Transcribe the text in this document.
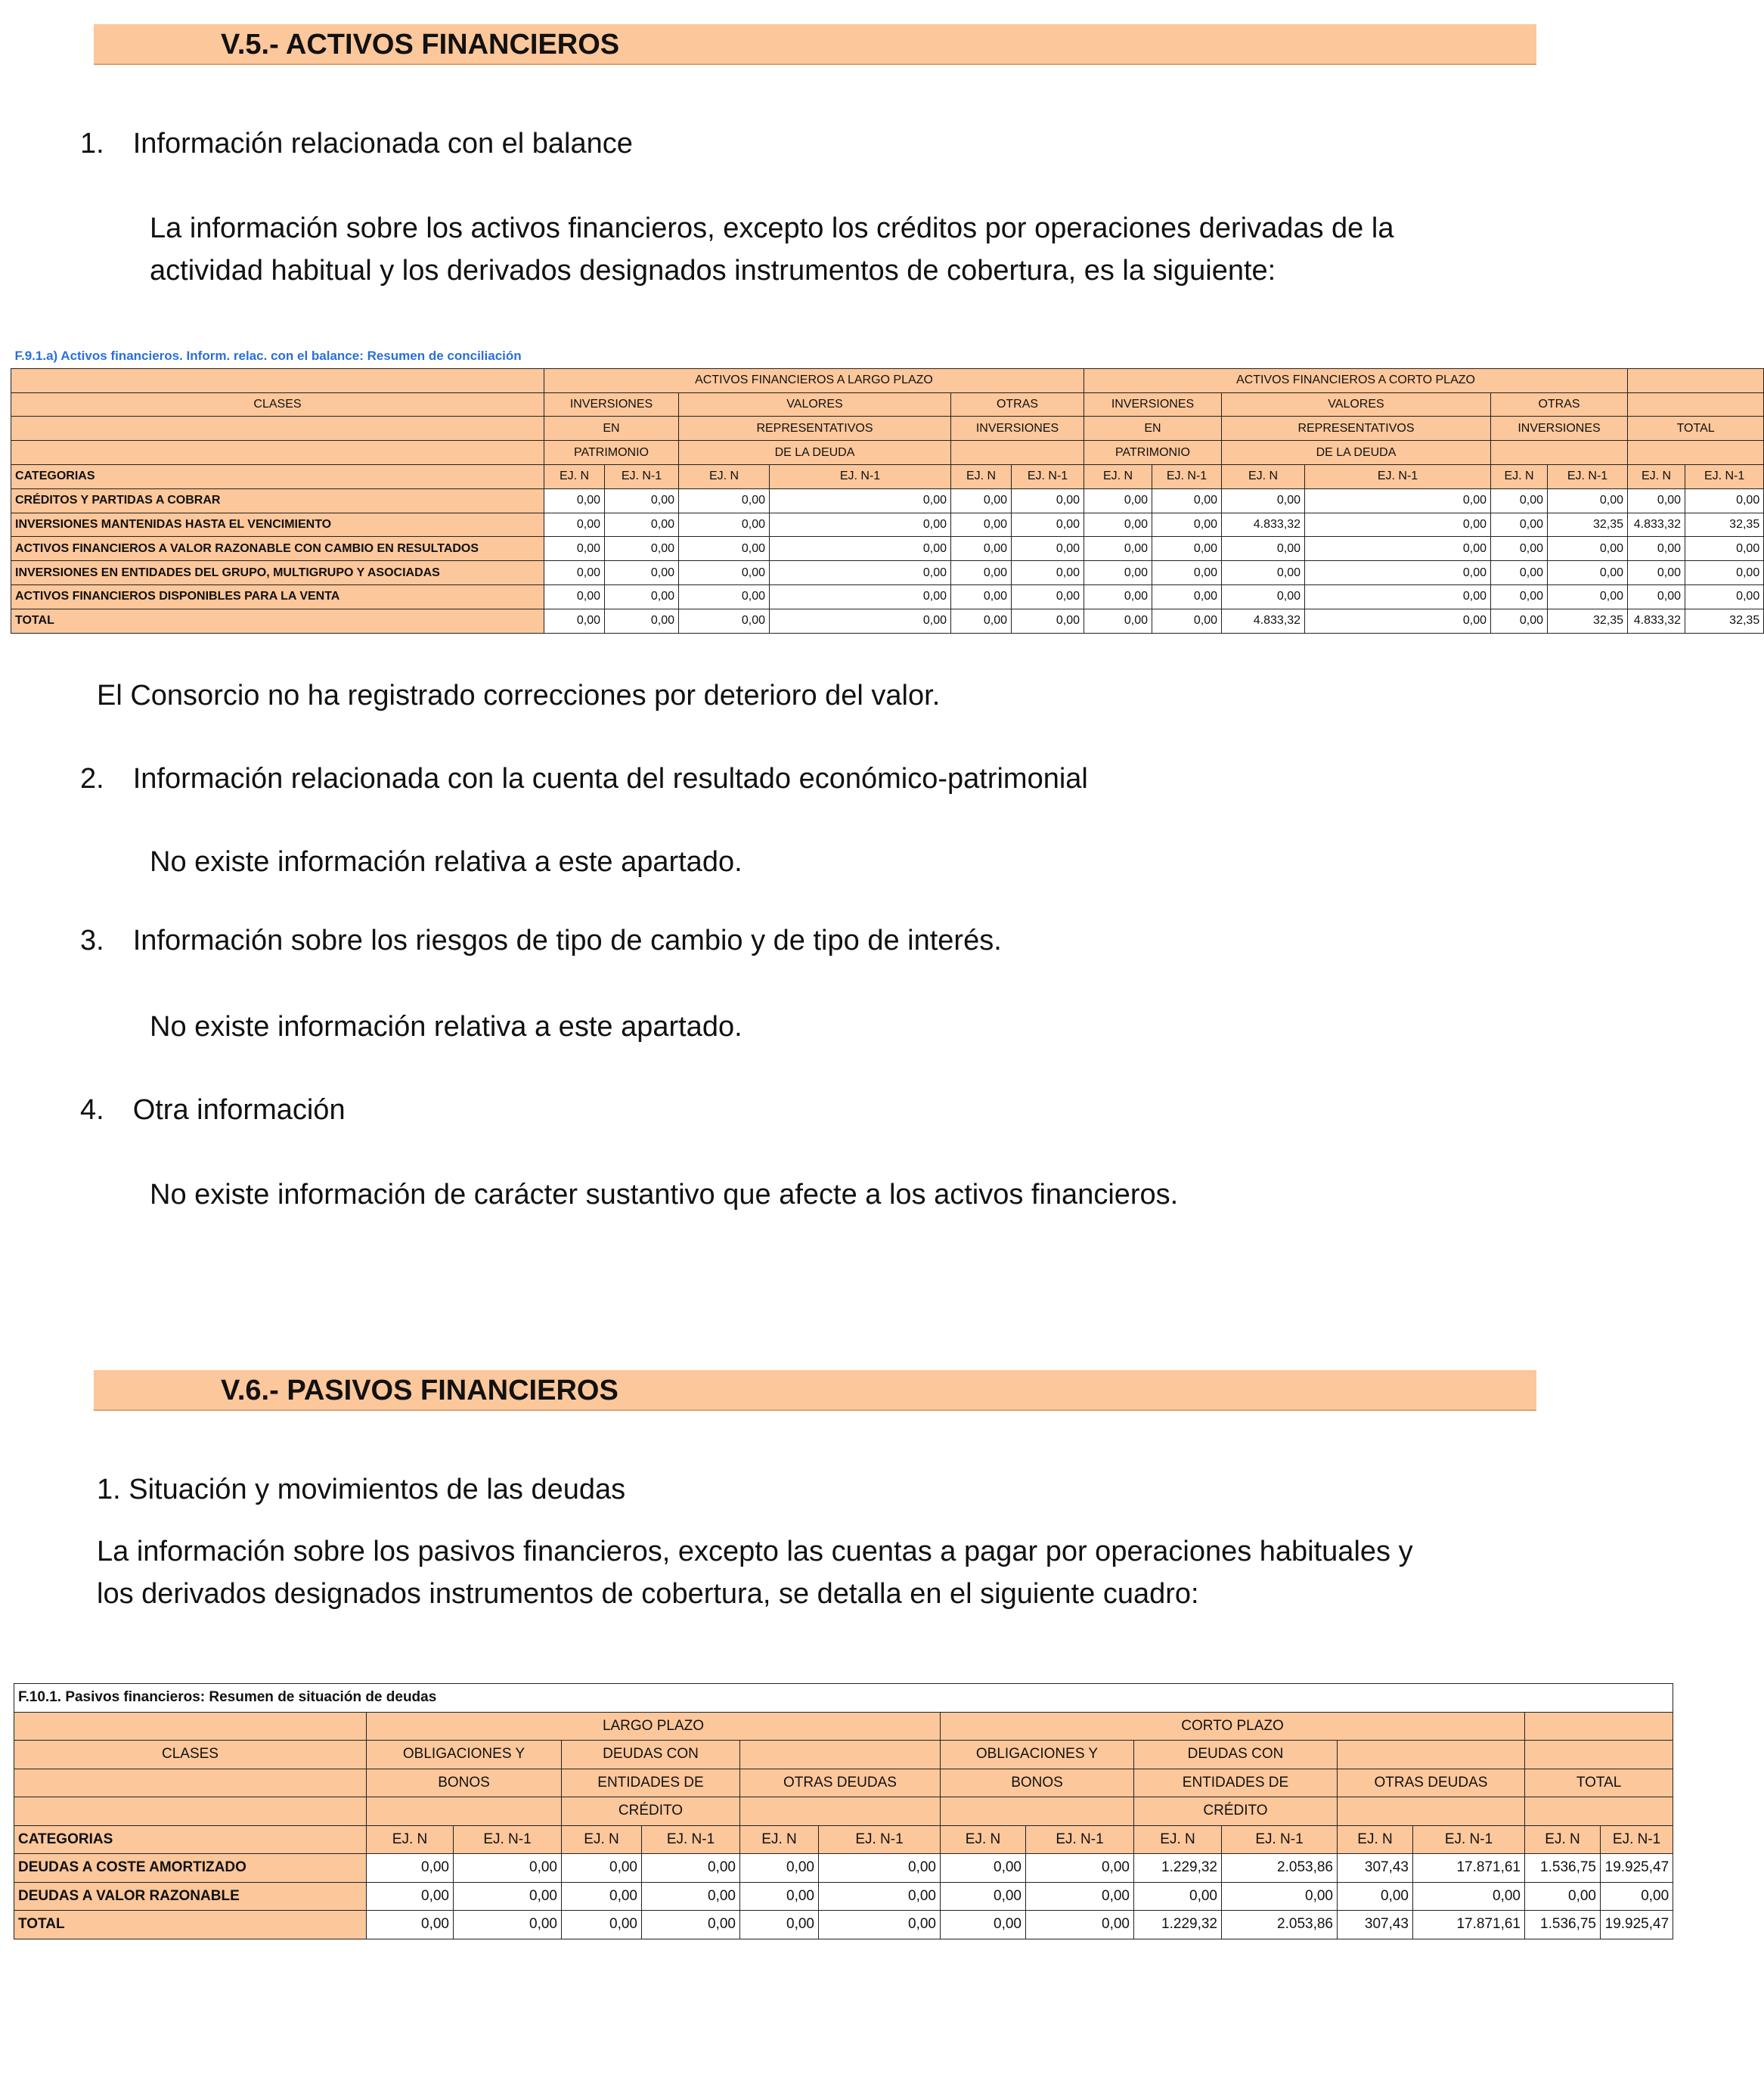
V.5.- ACTIVOS FINANCIEROS
1. Información relacionada con el balance
La información sobre los activos financieros, excepto los créditos por operaciones derivadas de la actividad habitual y los derivados designados instrumentos de cobertura, es la siguiente:
F.9.1.a) Activos financieros. Inform. relac. con el balance: Resumen de conciliación														
	ACTIVOS FINANCIEROS A LARGO PLAZO						ACTIVOS FINANCIEROS A CORTO PLAZO							
CLASES	INVERSIONES		VALORES		OTRAS		INVERSIONES		VALORES		OTRAS			
	EN		REPRESENTATIVOS		INVERSIONES		EN		REPRESENTATIVOS		INVERSIONES		TOTAL	
	PATRIMONIO		DE LA DEUDA				PATRIMONIO		DE LA DEUDA					
CATEGORIAS	EJ. N	EJ. N-1	EJ. N	EJ. N-1	EJ. N	EJ. N-1	EJ. N	EJ. N-1	EJ. N	EJ. N-1	EJ. N	EJ. N-1	EJ. N	EJ. N-1
CRÉDITOS Y PARTIDAS A COBRAR	0,00	0,00	0,00	0,00	0,00	0,00	0,00	0,00	0,00	0,00	0,00	0,00	0,00	0,00
INVERSIONES MANTENIDAS HASTA EL VENCIMIENTO	0,00	0,00	0,00	0,00	0,00	0,00	0,00	0,00	4.833,32	0,00	0,00	32,35	4.833,32	32,35
ACTIVOS FINANCIEROS A VALOR RAZONABLE CON CAMBIO EN RESULTADOS	0,00	0,00	0,00	0,00	0,00	0,00	0,00	0,00	0,00	0,00	0,00	0,00	0,00	0,00
INVERSIONES EN ENTIDADES DEL GRUPO, MULTIGRUPO Y ASOCIADAS	0,00	0,00	0,00	0,00	0,00	0,00	0,00	0,00	0,00	0,00	0,00	0,00	0,00	0,00
ACTIVOS FINANCIEROS DISPONIBLES PARA LA VENTA	0,00	0,00	0,00	0,00	0,00	0,00	0,00	0,00	0,00	0,00	0,00	0,00	0,00	0,00
TOTAL	0,00	0,00	0,00	0,00	0,00	0,00	0,00	0,00	4.833,32	0,00	0,00	32,35	4.833,32	32,35
El Consorcio no ha registrado correcciones por deterioro del valor.
2. Información relacionada con la cuenta del resultado económico-patrimonial
No existe información relativa a este apartado.
3. Información sobre los riesgos de tipo de cambio y de tipo de interés.
No existe información relativa a este apartado.
4. Otra información
No existe información de carácter sustantivo que afecte a los activos financieros.
V.6.- PASIVOS FINANCIEROS
1. Situación y movimientos de las deudas
La información sobre los pasivos financieros, excepto las cuentas a pagar por operaciones habituales y los derivados designados instrumentos de cobertura, se detalla en el siguiente cuadro:
F.10.1. Pasivos financieros: Resumen de situación de deudas														
	LARGO PLAZO						CORTO PLAZO							
CLASES	OBLIGACIONES Y		DEUDAS CON				OBLIGACIONES Y		DEUDAS CON					
	BONOS		ENTIDADES DE		OTRAS DEUDAS		BONOS		ENTIDADES DE		OTRAS DEUDAS		TOTAL	
			CRÉDITO						CRÉDITO					
CATEGORIAS	EJ. N	EJ. N-1	EJ. N	EJ. N-1	EJ. N	EJ. N-1	EJ. N	EJ. N-1	EJ. N	EJ. N-1	EJ. N	EJ. N-1	EJ. N	EJ. N-1
DEUDAS A COSTE AMORTIZADO	0,00	0,00	0,00	0,00	0,00	0,00	0,00	0,00	1.229,32	2.053,86	307,43	17.871,61	1.536,75	19.925,47
DEUDAS A VALOR RAZONABLE	0,00	0,00	0,00	0,00	0,00	0,00	0,00	0,00	0,00	0,00	0,00	0,00	0,00	0,00
TOTAL	0,00	0,00	0,00	0,00	0,00	0,00	0,00	0,00	1.229,32	2.053,86	307,43	17.871,61	1.536,75	19.925,47
